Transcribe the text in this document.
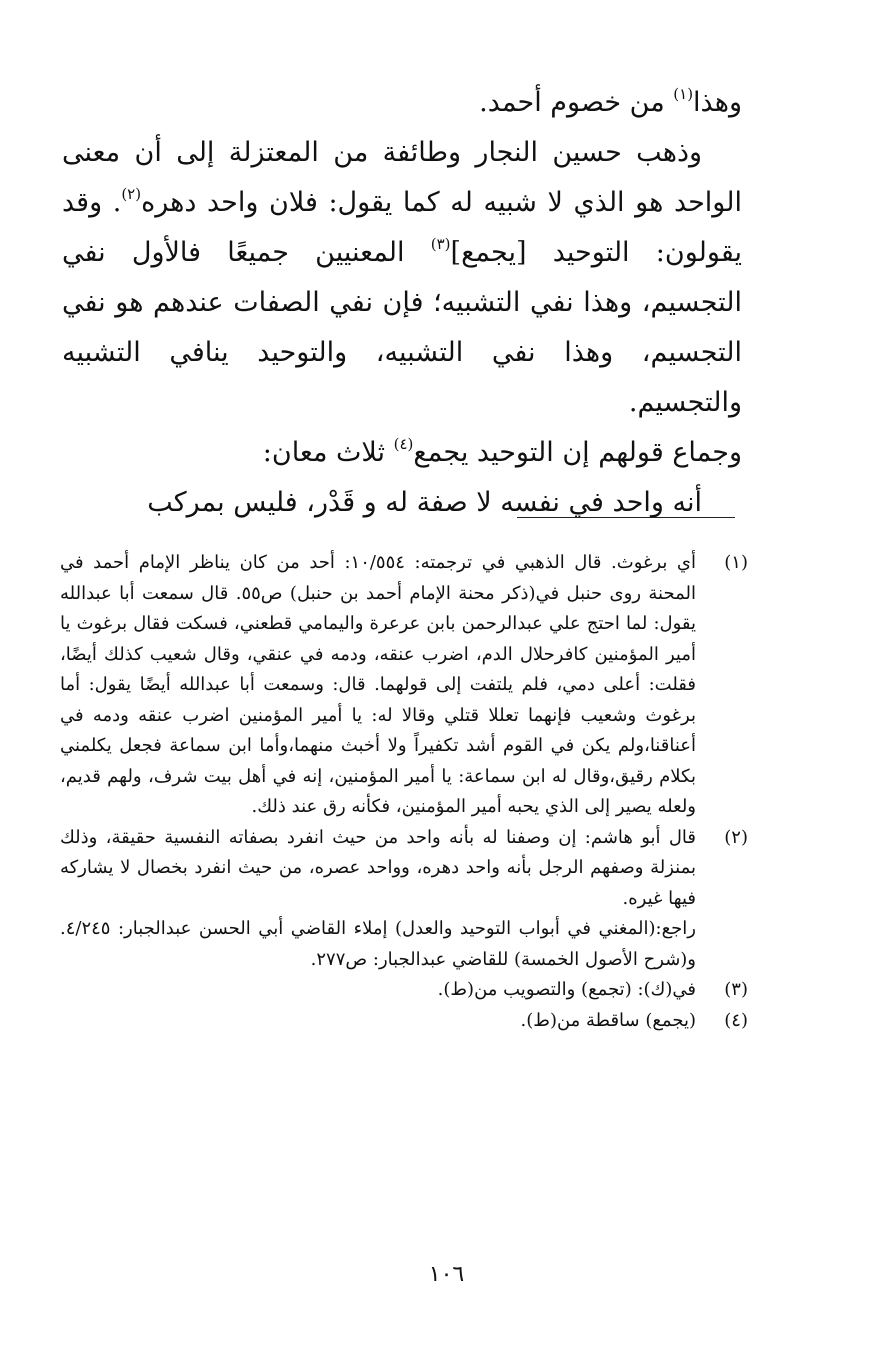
وهذا$^{(١)}$ من خصوم أحمد.

وذهب حسين النجار وطائفة من المعتزلة إلى أن معنى الواحد هو الذي لا شبيه له كما يقول: فلان واحد دهره$^{(٢)}$. وقد يقولون: التوحيد [يجمع]$^{(٣)}$ المعنيين جميعًا فالأول نفي التجسيم، وهذا نفي التشبيه؛ فإن نفي الصفات عندهم هو نفي التجسيم، وهذا نفي التشبيه، والتوحيد ينافي التشبيه والتجسيم.

وجماع قولهم إن التوحيد يجمع$^{(٤)}$ ثلاث معان:

أنه واحد في نفسه لا صفة له و قَدْر، فليس بمركب

(١)

أي برغوث. قال الذهبي في ترجمته: ١٠/٥٥٤: أحد من كان يناظر الإمام أحمد في المحنة روى حنبل في(ذكر محنة الإمام أحمد بن حنبل) ص٥٥. قال سمعت أبا عبدالله يقول: لما احتج علي عبدالرحمن بابن عرعرة واليمامي قطعني، فسكت فقال برغوث يا أمير المؤمنين كافرحلال الدم، اضرب عنقه، ودمه في عنقي، وقال شعيب كذلك أيضًا، فقلت: أعلى دمي، فلم يلتفت إلى قولهما. قال: وسمعت أبا عبدالله أيضًا يقول: أما برغوث وشعيب فإنهما تعللا قتلي وقالا له: يا أمير المؤمنين اضرب عنقه ودمه في أعناقنا،ولم يكن في القوم أشد تكفيراً ولا أخبث منهما،وأما ابن سماعة فجعل يكلمني بكلام رقيق،وقال له ابن سماعة: يا أمير المؤمنين، إنه في أهل بيت شرف، ولهم قديم، ولعله يصير إلى الذي يحبه أمير المؤمنين، فكأنه رق عند ذلك.

(٢)

قال أبو هاشم: إن وصفنا له بأنه واحد من حيث انفرد بصفاته النفسية حقيقة، وذلك بمنزلة وصفهم الرجل بأنه واحد دهره، وواحد عصره، من حيث انفرد بخصال لا يشاركه فيها غيره.

راجع:(المغني في أبواب التوحيد والعدل) إملاء القاضي أبي الحسن عبدالجبار: ٤/٢٤٥. و(شرح الأصول الخمسة) للقاضي عبدالجبار: ص٢٧٧.

(٣)

في(ك): (تجمع) والتصويب من(ط).

(٤)

(يجمع) ساقطة من(ط).

١٠٦
